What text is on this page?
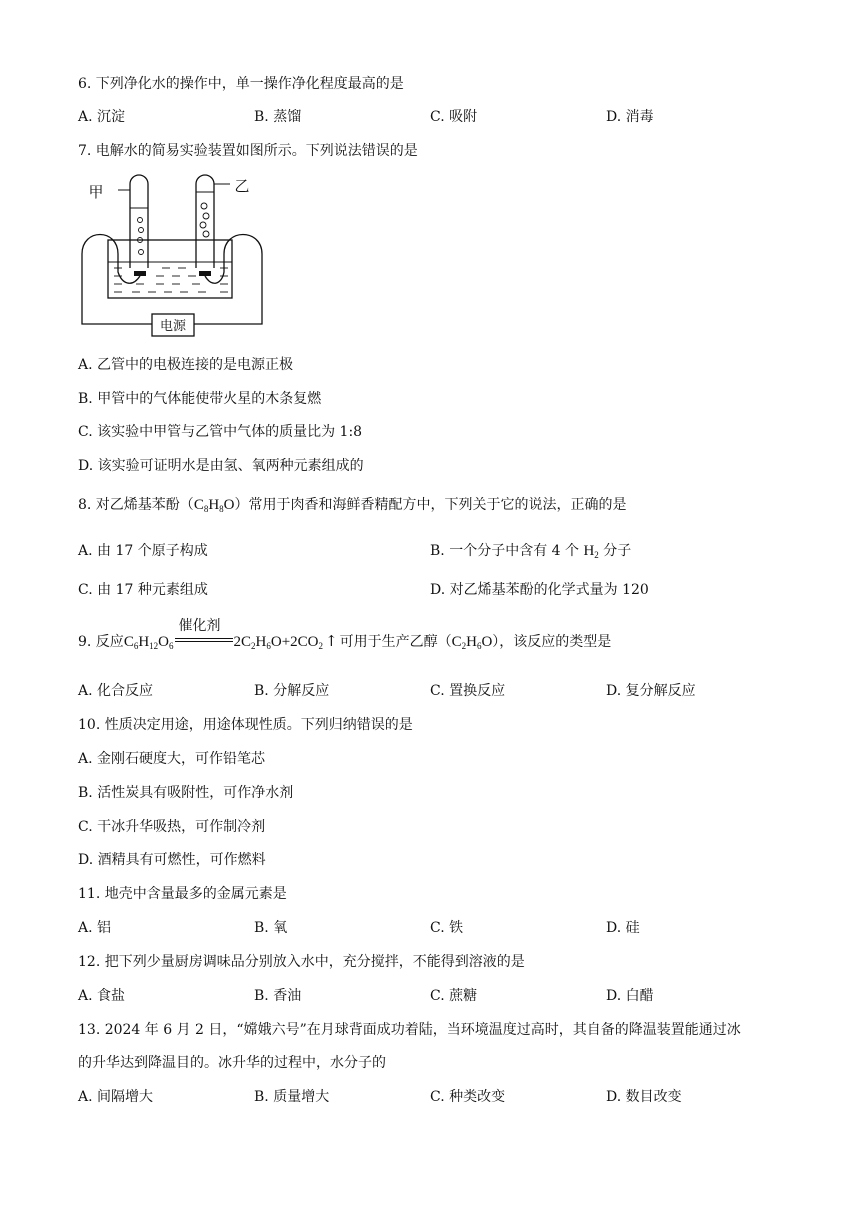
6. 下列净化水的操作中，单一操作净化程度最高的是
A. 沉淀	B. 蒸馏	C. 吸附	D. 消毒
7. 电解水的简易实验装置如图所示。下列说法错误的是
电源
甲	乙
A. 乙管中的电极连接的是电源正极
B. 甲管中的气体能使带火星的木条复燃
C. 该实验中甲管与乙管中气体的质量比为 1:8
D. 该实验可证明水是由氢、氧两种元素组成的
8. 对乙烯基苯酚$(C_8H_8O)$常用于肉香和海鲜香精配方中，下列关于它的说法，正确的是
A. 由 17 个原子构成	B. 一个分子中含有 4 个 $H_2$ 分子
C. 由 17 种元素组成	D. 对乙烯基苯酚的化学式量为 120
9. 反应$C_6H_{12}O_6$
催化剂
$2C_2H_6O+2CO_2$ ↑ 可用于生产乙醇$(C_2H_6O)$，该反应的类型是
A. 化合反应	B. 分解反应	C. 置换反应	D. 复分解反应
10. 性质决定用途，用途体现性质。下列归纳错误的是
A. 金刚石硬度大，可作铅笔芯
B. 活性炭具有吸附性，可作净水剂
C. 干冰升华吸热，可作制冷剂
D. 酒精具有可燃性，可作燃料
11. 地壳中含量最多的金属元素是
A. 铝	B. 氧	C. 铁	D. 硅
12. 把下列少量厨房调味品分别放入水中，充分搅拌，不能得到溶液的是
A. 食盐	B. 香油	C. 蔗糖	D. 白醋
13. 2024 年 6 月 2 日，“嫦娥六号”在月球背面成功着陆，当环境温度过高时，其自备的降温装置能通过冰
的升华达到降温目的。冰升华的过程中，水分子的
A. 间隔增大	B. 质量增大	C. 种类改变	D. 数目改变
